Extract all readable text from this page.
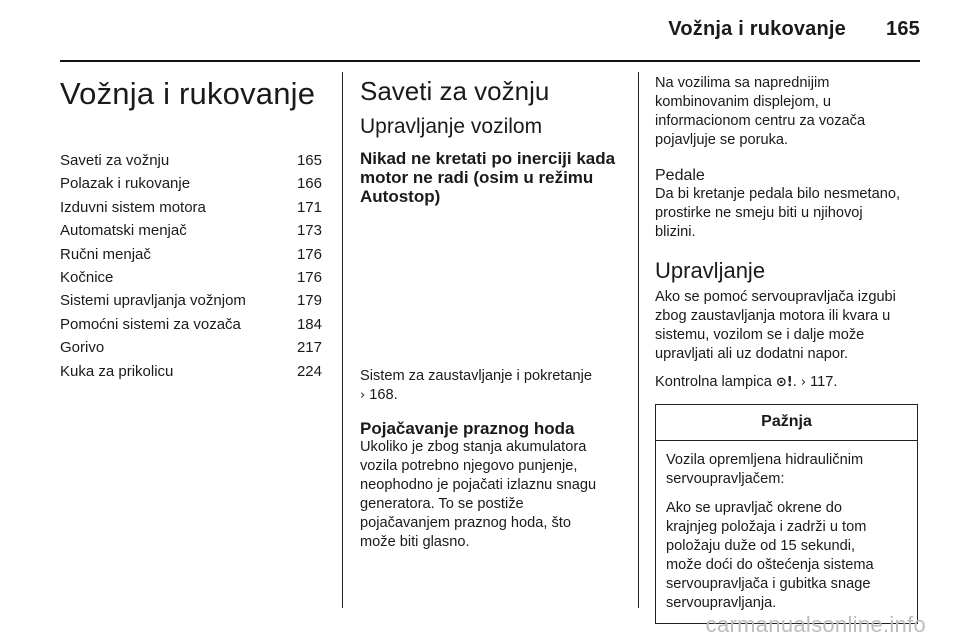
Vožnja i rukovanje 165
Vožnja i rukovanje
Saveti za vožnju	165
Polazak i rukovanje	166
Izduvni sistem motora	171
Automatski menjač	173
Ručni menjač	176
Kočnice	176
Sistemi upravljanja vožnjom	179
Pomoćni sistemi za vozača	184
Gorivo	217
Kuka za prikolicu	224
Saveti za vožnju
Upravljanje vozilom
Nikad ne kretati po inerciji kada
motor ne radi (osim u režimu
Autostop)

Sistem za zaustavljanje i pokretanje
› 168.

Pojačavanje praznog hoda

Ukoliko je zbog stanja akumulatora
vozila potrebno njegovo punjenje,
neophodno je pojačati izlaznu snagu
generatora. To se postiže
pojačavanjem praznog hoda, što
može biti glasno.

Na vozilima sa naprednijim
kombinovanim displejom, u
informacionom centru za vozača
pojavljuje se poruka.

Pedale

Da bi kretanje pedala bilo nesmetano,
prostirke ne smeju biti u njihovoj
blizini.

Upravljanje

Ako se pomoć servoupravljača izgubi
zbog zaustavljanja motora ili kvara u
sistemu, vozilom se i dalje može
upravljati ali uz dodatni napor.

Kontrolna lampica ⊙!. › 117.

Pažnja

Vozila opremljena hidrauličnim
servoupravljačem:

Ako se upravljač okrene do
krajnjeg položaja i zadrži u tom
položaju duže od 15 sekundi,
može doći do oštećenja sistema
servoupravljača i gubitka snage
servoupravljanja.

carmanualsonline.info
